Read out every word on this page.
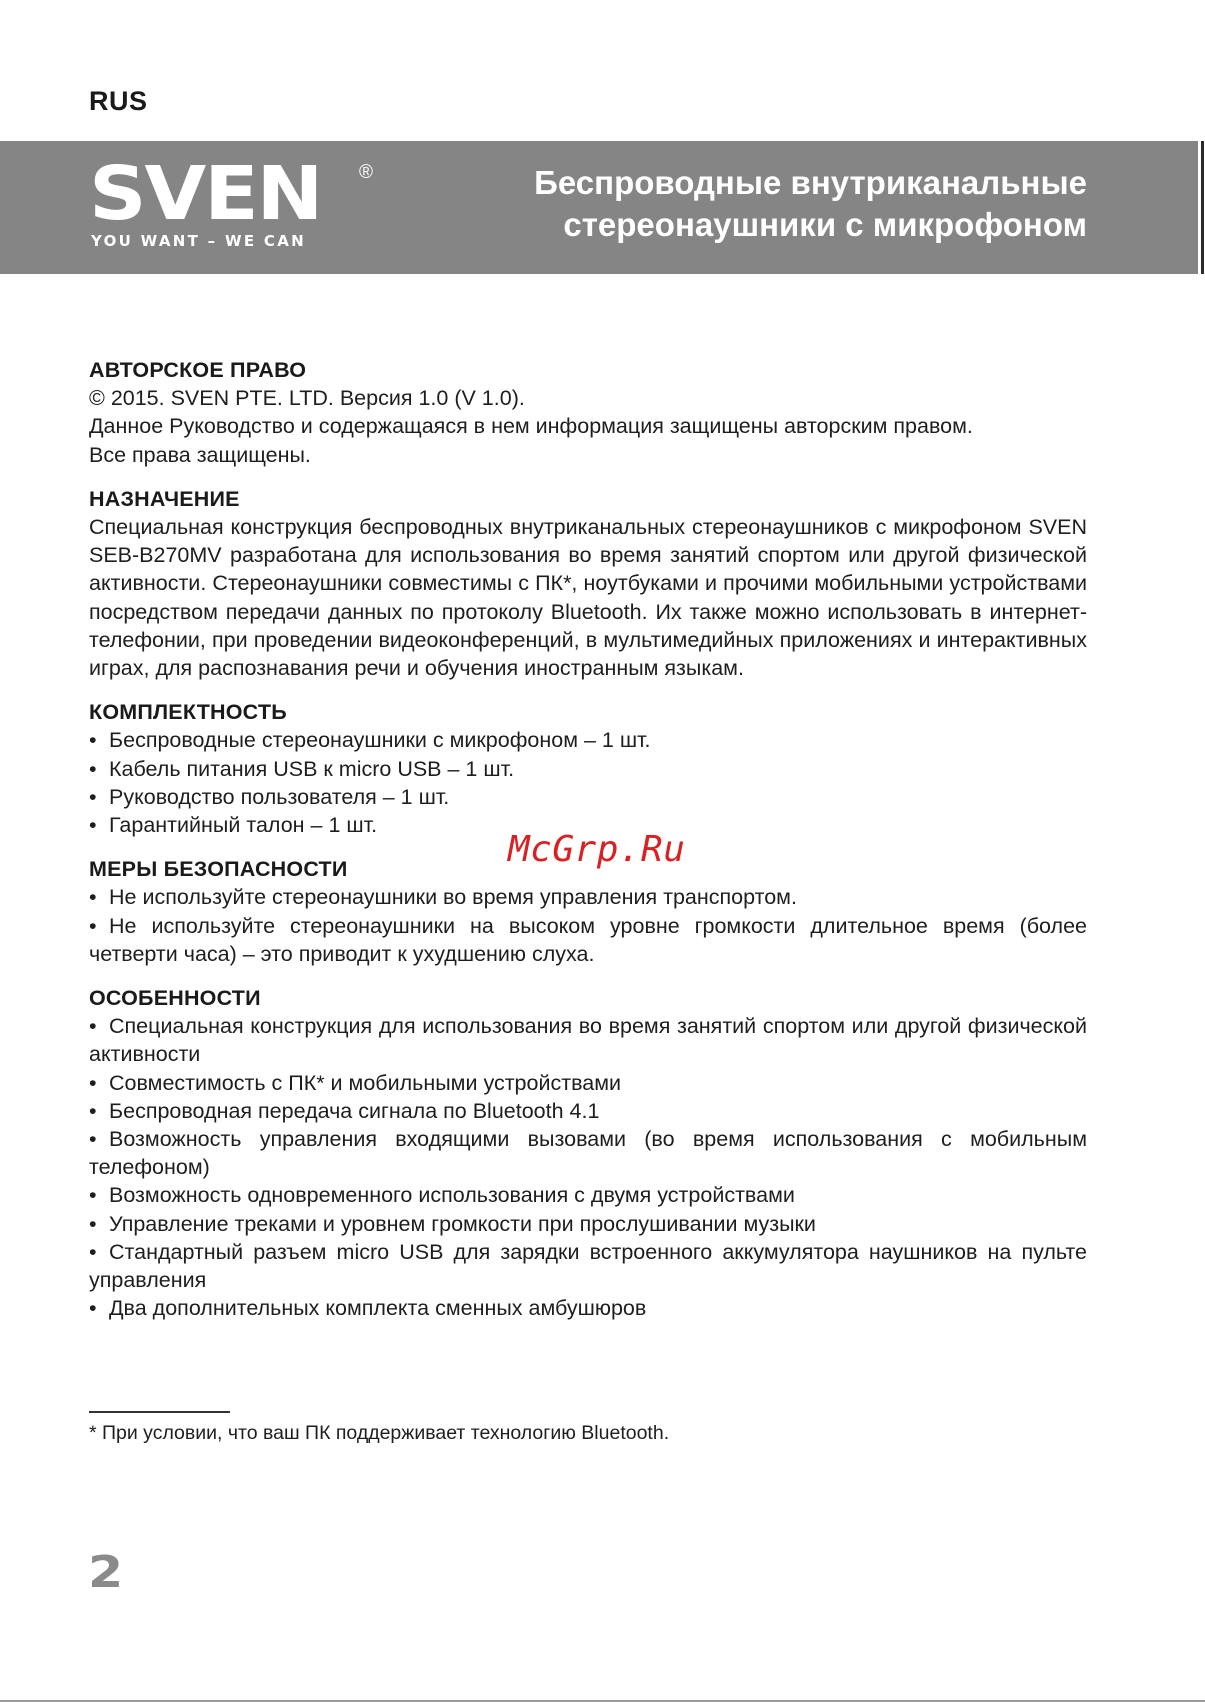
RUS
SVEN ®
YOU WANT – WE CAN
Беспроводные внутриканальные
стереонаушники с микрофоном
АВТОРСКОЕ ПРАВО

© 2015. SVEN PTE. LTD. Версия 1.0 (V 1.0).

Данное Руководство и содержащаяся в нем информация защищены авторским правом.

Все права защищены.

НАЗНАЧЕНИЕ

Специальная конструкция беспроводных внутриканальных стереонаушников с микрофоном SVEN SEB-B270MV разработана для использования во время занятий спортом или другой физической активности. Стереонаушники совместимы с ПК*, ноутбуками и прочими мобильными устройствами посредством передачи данных по протоколу Bluetooth. Их также можно использовать в интернет-телефонии, при проведении видеоконференций, в мультимедийных приложениях и интерактивных играх, для распознавания речи и обучения иностранным языкам.

КОМПЛЕКТНОСТЬ
• Беспроводные стереонаушники с микрофоном – 1 шт.
• Кабель питания USB к micro USB – 1 шт.
• Руководство пользователя – 1 шт.
• Гарантийный талон – 1 шт.
МЕРЫ БЕЗОПАСНОСТИ
• Не используйте стереонаушники во время управления транспортом.
• Не используйте стереонаушники на высоком уровне громкости длительное время (более четверти часа) – это приводит к ухудшению слуха.
ОСОБЕННОСТИ
• Специальная конструкция для использования во время занятий спортом или другой физической активности
• Совместимость с ПК* и мобильными устройствами
• Беспроводная передача сигнала по Bluetooth 4.1
• Возможность управления входящими вызовами (во время использования с мобильным телефоном)
• Возможность одновременного использования с двумя устройствами
• Управление треками и уровнем громкости при прослушивании музыки
• Стандартный разъем micro USB для зарядки встроенного аккумулятора наушников на пульте управления
• Два дополнительных комплекта сменных амбушюров
McGrp.Ru
* При условии, что ваш ПК поддерживает технологию Bluetooth.
2
